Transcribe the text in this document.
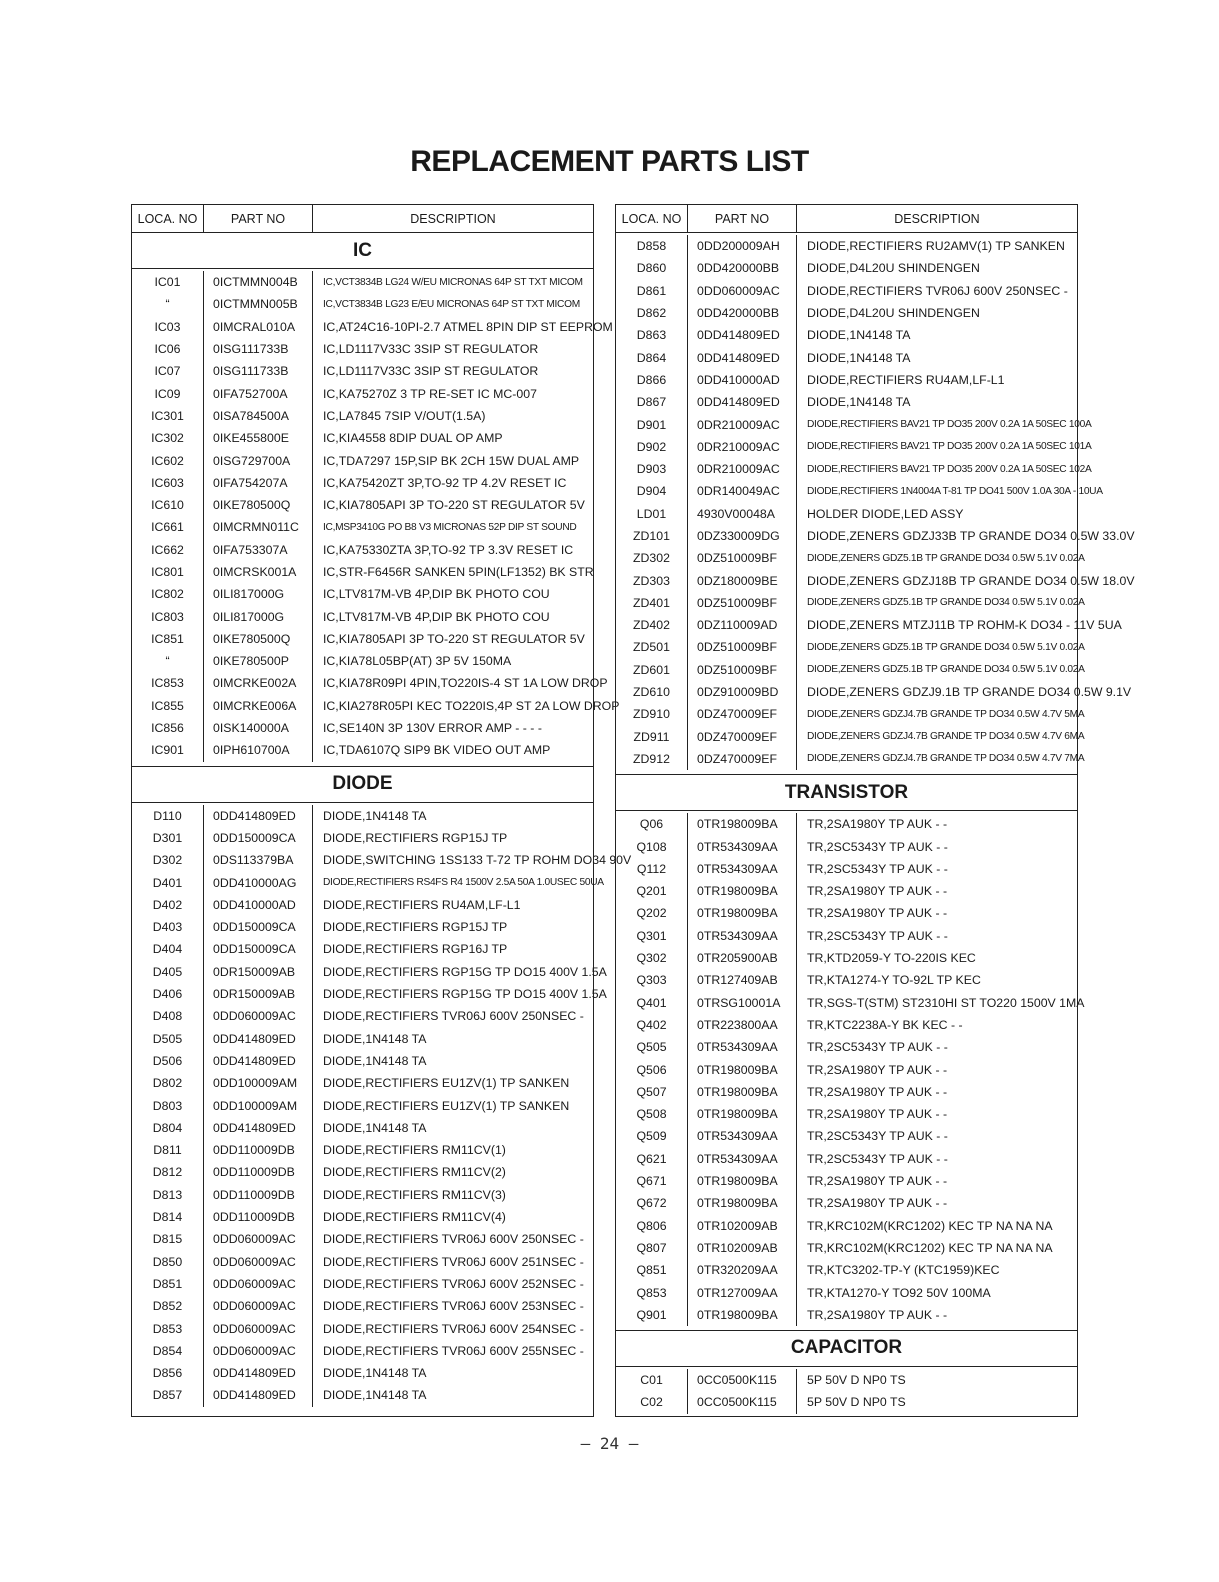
REPLACEMENT PARTS LIST
LOCA. NO	PART NO	DESCRIPTION
IC
IC01	0ICTMMN004B	IC,VCT3834B LG24 W/EU MICRONAS 64P ST TXT MICOM
“	0ICTMMN005B	IC,VCT3834B LG23 E/EU MICRONAS 64P ST TXT MICOM
IC03	0IMCRAL010A	IC,AT24C16-10PI-2.7 ATMEL 8PIN DIP ST EEPROM
IC06	0ISG111733B	IC,LD1117V33C 3SIP ST REGULATOR
IC07	0ISG111733B	IC,LD1117V33C 3SIP ST REGULATOR
IC09	0IFA752700A	IC,KA75270Z 3 TP RE-SET IC MC-007
IC301	0ISA784500A	IC,LA7845 7SIP V/OUT(1.5A)
IC302	0IKE455800E	IC,KIA4558 8DIP DUAL OP AMP
IC602	0ISG729700A	IC,TDA7297 15P,SIP BK 2CH 15W DUAL AMP
IC603	0IFA754207A	IC,KA75420ZT 3P,TO-92 TP 4.2V RESET IC
IC610	0IKE780500Q	IC,KIA7805API 3P TO-220 ST REGULATOR 5V
IC661	0IMCRMN011C	IC,MSP3410G PO B8 V3 MICRONAS 52P DIP ST SOUND
IC662	0IFA753307A	IC,KA75330ZTA 3P,TO-92 TP 3.3V RESET IC
IC801	0IMCRSK001A	IC,STR-F6456R SANKEN 5PIN(LF1352) BK STR
IC802	0ILI817000G	IC,LTV817M-VB 4P,DIP BK PHOTO COU
IC803	0ILI817000G	IC,LTV817M-VB 4P,DIP BK PHOTO COU
IC851	0IKE780500Q	IC,KIA7805API 3P TO-220 ST REGULATOR 5V
“	0IKE780500P	IC,KIA78L05BP(AT) 3P 5V 150MA
IC853	0IMCRKE002A	IC,KIA78R09PI 4PIN,TO220IS-4 ST 1A LOW DROP
IC855	0IMCRKE006A	IC,KIA278R05PI KEC TO220IS,4P ST 2A LOW DROP
IC856	0ISK140000A	IC,SE140N 3P 130V ERROR AMP - - - -
IC901	0IPH610700A	IC,TDA6107Q SIP9 BK VIDEO OUT AMP
DIODE
D110	0DD414809ED	DIODE,1N4148 TA
D301	0DD150009CA	DIODE,RECTIFIERS RGP15J TP
D302	0DS113379BA	DIODE,SWITCHING 1SS133 T-72 TP ROHM DO34 90V
D401	0DD410000AG	DIODE,RECTIFIERS RS4FS R4 1500V 2.5A 50A 1.0USEC 50UA
D402	0DD410000AD	DIODE,RECTIFIERS RU4AM,LF-L1
D403	0DD150009CA	DIODE,RECTIFIERS RGP15J TP
D404	0DD150009CA	DIODE,RECTIFIERS RGP16J TP
D405	0DR150009AB	DIODE,RECTIFIERS RGP15G TP DO15 400V 1.5A
D406	0DR150009AB	DIODE,RECTIFIERS RGP15G TP DO15 400V 1.5A
D408	0DD060009AC	DIODE,RECTIFIERS TVR06J 600V 250NSEC -
D505	0DD414809ED	DIODE,1N4148 TA
D506	0DD414809ED	DIODE,1N4148 TA
D802	0DD100009AM	DIODE,RECTIFIERS EU1ZV(1) TP SANKEN
D803	0DD100009AM	DIODE,RECTIFIERS EU1ZV(1) TP SANKEN
D804	0DD414809ED	DIODE,1N4148 TA
D811	0DD110009DB	DIODE,RECTIFIERS RM11CV(1)
D812	0DD110009DB	DIODE,RECTIFIERS RM11CV(2)
D813	0DD110009DB	DIODE,RECTIFIERS RM11CV(3)
D814	0DD110009DB	DIODE,RECTIFIERS RM11CV(4)
D815	0DD060009AC	DIODE,RECTIFIERS TVR06J 600V 250NSEC -
D850	0DD060009AC	DIODE,RECTIFIERS TVR06J 600V 251NSEC -
D851	0DD060009AC	DIODE,RECTIFIERS TVR06J 600V 252NSEC -
D852	0DD060009AC	DIODE,RECTIFIERS TVR06J 600V 253NSEC -
D853	0DD060009AC	DIODE,RECTIFIERS TVR06J 600V 254NSEC -
D854	0DD060009AC	DIODE,RECTIFIERS TVR06J 600V 255NSEC -
D856	0DD414809ED	DIODE,1N4148 TA
D857	0DD414809ED	DIODE,1N4148 TA
LOCA. NO	PART NO	DESCRIPTION
D858	0DD200009AH	DIODE,RECTIFIERS RU2AMV(1) TP SANKEN
D860	0DD420000BB	DIODE,D4L20U SHINDENGEN
D861	0DD060009AC	DIODE,RECTIFIERS TVR06J 600V 250NSEC -
D862	0DD420000BB	DIODE,D4L20U SHINDENGEN
D863	0DD414809ED	DIODE,1N4148 TA
D864	0DD414809ED	DIODE,1N4148 TA
D866	0DD410000AD	DIODE,RECTIFIERS RU4AM,LF-L1
D867	0DD414809ED	DIODE,1N4148 TA
D901	0DR210009AC	DIODE,RECTIFIERS BAV21 TP DO35 200V 0.2A 1A 50SEC 100A
D902	0DR210009AC	DIODE,RECTIFIERS BAV21 TP DO35 200V 0.2A 1A 50SEC 101A
D903	0DR210009AC	DIODE,RECTIFIERS BAV21 TP DO35 200V 0.2A 1A 50SEC 102A
D904	0DR140049AC	DIODE,RECTIFIERS 1N4004A T-81 TP DO41 500V 1.0A 30A - 10UA
LD01	4930V00048A	HOLDER DIODE,LED ASSY
ZD101	0DZ330009DG	DIODE,ZENERS GDZJ33B TP GRANDE DO34 0.5W 33.0V
ZD302	0DZ510009BF	DIODE,ZENERS GDZ5.1B TP GRANDE DO34 0.5W 5.1V 0.02A
ZD303	0DZ180009BE	DIODE,ZENERS GDZJ18B TP GRANDE DO34 0.5W 18.0V
ZD401	0DZ510009BF	DIODE,ZENERS GDZ5.1B TP GRANDE DO34 0.5W 5.1V 0.02A
ZD402	0DZ110009AD	DIODE,ZENERS MTZJ11B TP ROHM-K DO34 - 11V 5UA
ZD501	0DZ510009BF	DIODE,ZENERS GDZ5.1B TP GRANDE DO34 0.5W 5.1V 0.02A
ZD601	0DZ510009BF	DIODE,ZENERS GDZ5.1B TP GRANDE DO34 0.5W 5.1V 0.02A
ZD610	0DZ910009BD	DIODE,ZENERS GDZJ9.1B TP GRANDE DO34 0.5W 9.1V
ZD910	0DZ470009EF	DIODE,ZENERS GDZJ4.7B GRANDE TP DO34 0.5W 4.7V 5MA
ZD911	0DZ470009EF	DIODE,ZENERS GDZJ4.7B GRANDE TP DO34 0.5W 4.7V 6MA
ZD912	0DZ470009EF	DIODE,ZENERS GDZJ4.7B GRANDE TP DO34 0.5W 4.7V 7MA
TRANSISTOR
Q06	0TR198009BA	TR,2SA1980Y TP AUK - -
Q108	0TR534309AA	TR,2SC5343Y TP AUK - -
Q112	0TR534309AA	TR,2SC5343Y TP AUK - -
Q201	0TR198009BA	TR,2SA1980Y TP AUK - -
Q202	0TR198009BA	TR,2SA1980Y TP AUK - -
Q301	0TR534309AA	TR,2SC5343Y TP AUK - -
Q302	0TR205900AB	TR,KTD2059-Y TO-220IS KEC
Q303	0TR127409AB	TR,KTA1274-Y TO-92L TP KEC
Q401	0TRSG10001A	TR,SGS-T(STM) ST2310HI ST TO220 1500V 1MA
Q402	0TR223800AA	TR,KTC2238A-Y BK KEC - -
Q505	0TR534309AA	TR,2SC5343Y TP AUK - -
Q506	0TR198009BA	TR,2SA1980Y TP AUK - -
Q507	0TR198009BA	TR,2SA1980Y TP AUK - -
Q508	0TR198009BA	TR,2SA1980Y TP AUK - -
Q509	0TR534309AA	TR,2SC5343Y TP AUK - -
Q621	0TR534309AA	TR,2SC5343Y TP AUK - -
Q671	0TR198009BA	TR,2SA1980Y TP AUK - -
Q672	0TR198009BA	TR,2SA1980Y TP AUK - -
Q806	0TR102009AB	TR,KRC102M(KRC1202) KEC TP NA NA NA
Q807	0TR102009AB	TR,KRC102M(KRC1202) KEC TP NA NA NA
Q851	0TR320209AA	TR,KTC3202-TP-Y (KTC1959)KEC
Q853	0TR127009AA	TR,KTA1270-Y TO92 50V 100MA
Q901	0TR198009BA	TR,2SA1980Y TP AUK - -
CAPACITOR
C01	0CC0500K115	5P 50V D NP0 TS
C02	0CC0500K115	5P 50V D NP0 TS
– 24 –
